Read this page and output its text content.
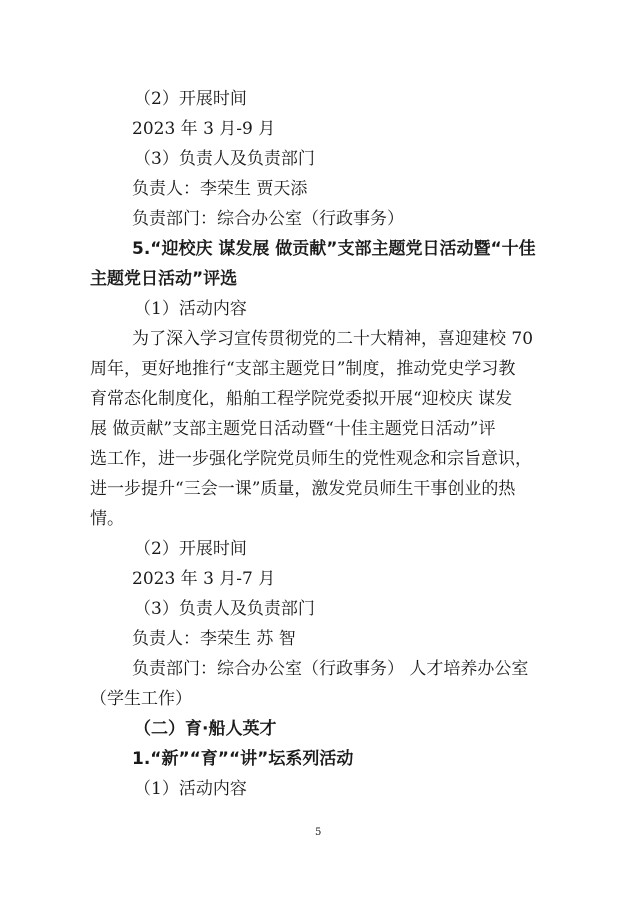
（2）开展时间

2023 年 3 月-9 月

（3）负责人及负责部门

负责人：李荣生 贾天添

负责部门：综合办公室（行政事务）

5.“迎校庆 谋发展 做贡献”支部主题党日活动暨“十佳

主题党日活动”评选

（1）活动内容

为了深入学习宣传贯彻党的二十大精神，喜迎建校 70

周年，更好地推行“支部主题党日”制度，推动党史学习教

育常态化制度化，船舶工程学院党委拟开展“迎校庆 谋发

展 做贡献”支部主题党日活动暨“十佳主题党日活动”评

选工作，进一步强化学院党员师生的党性观念和宗旨意识，

进一步提升“三会一课”质量，激发党员师生干事创业的热

情。

（2）开展时间

2023 年 3 月-7 月

（3）负责人及负责部门

负责人：李荣生 苏 智

负责部门：综合办公室（行政事务） 人才培养办公室

（学生工作）

（二）育·船人英才

1.“新”“育”“讲”坛系列活动

（1）活动内容

5
